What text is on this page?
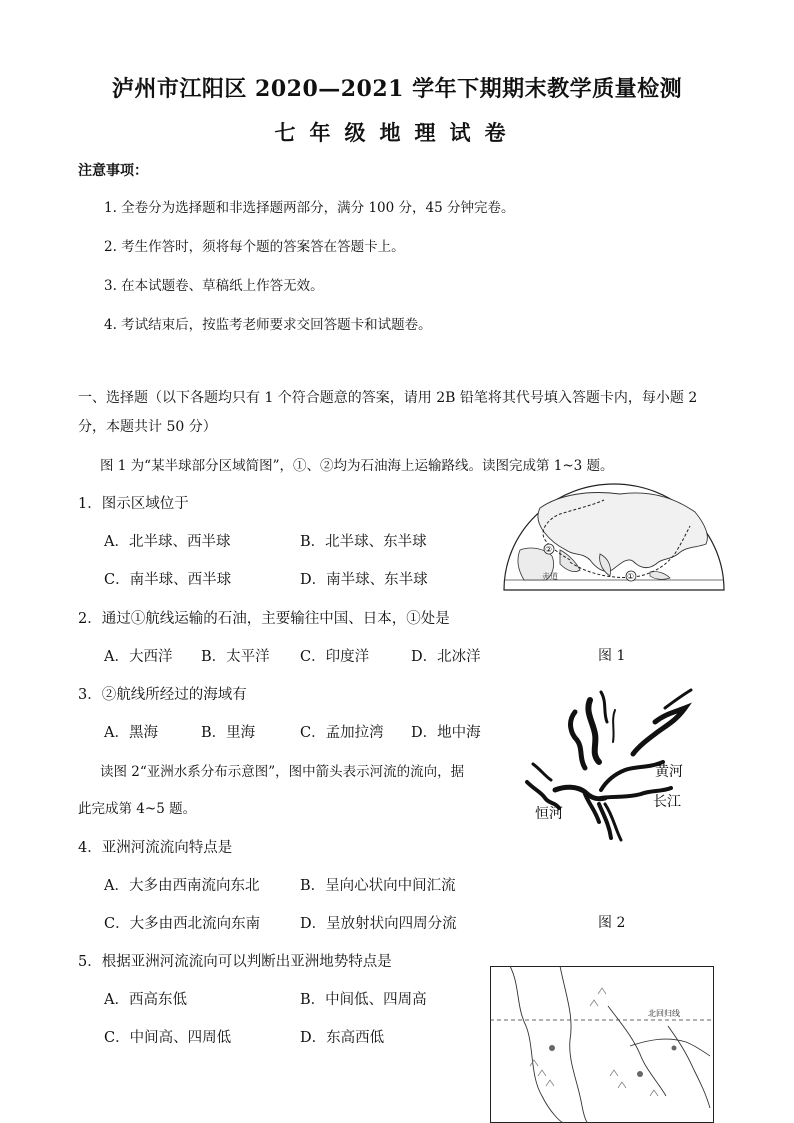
泸州市江阳区 2020—2021 学年下期期末教学质量检测
七年级地理试卷
注意事项：
1. 全卷分为选择题和非选择题两部分，满分 100 分，45 分钟完卷。
2. 考生作答时，须将每个题的答案答在答题卡上。
3. 在本试题卷、草稿纸上作答无效。
4. 考试结束后，按监考老师要求交回答题卡和试题卷。
一、选择题（以下各题均只有 1 个符合题意的答案，请用 2B 铅笔将其代号填入答题卡内，每小题 2
分，本题共计 50 分）
图 1 为“某半球部分区域简图”，①、②均为石油海上运输路线。读图完成第 1~3 题。
1．图示区域位于
A．北半球、西半球	B．北半球、东半球
C．南半球、西半球	D．南半球、东半球
2．通过①航线运输的石油，主要输往中国、日本，①处是
A．大西洋 B．太平洋 C．印度洋	D．北冰洋	图 1
3．②航线所经过的海域有
A．黑海	B．里海	C．孟加拉湾 D．地中海
读图 2“亚洲水系分布示意图”，图中箭头表示河流的流向，据
此完成第 4~5 题。
4．亚洲河流流向特点是
A．大多由西南流向东北	B．呈向心状向中间汇流
C．大多由西北流向东南	D．呈放射状向四周分流	图 2
5．根据亚洲河流流向可以判断出亚洲地势特点是
A．西高东低	B．中间低、四周高
C．中间高、四周低	D．东高西低
①
②
赤道
黄河
长江
恒河
北回归线
